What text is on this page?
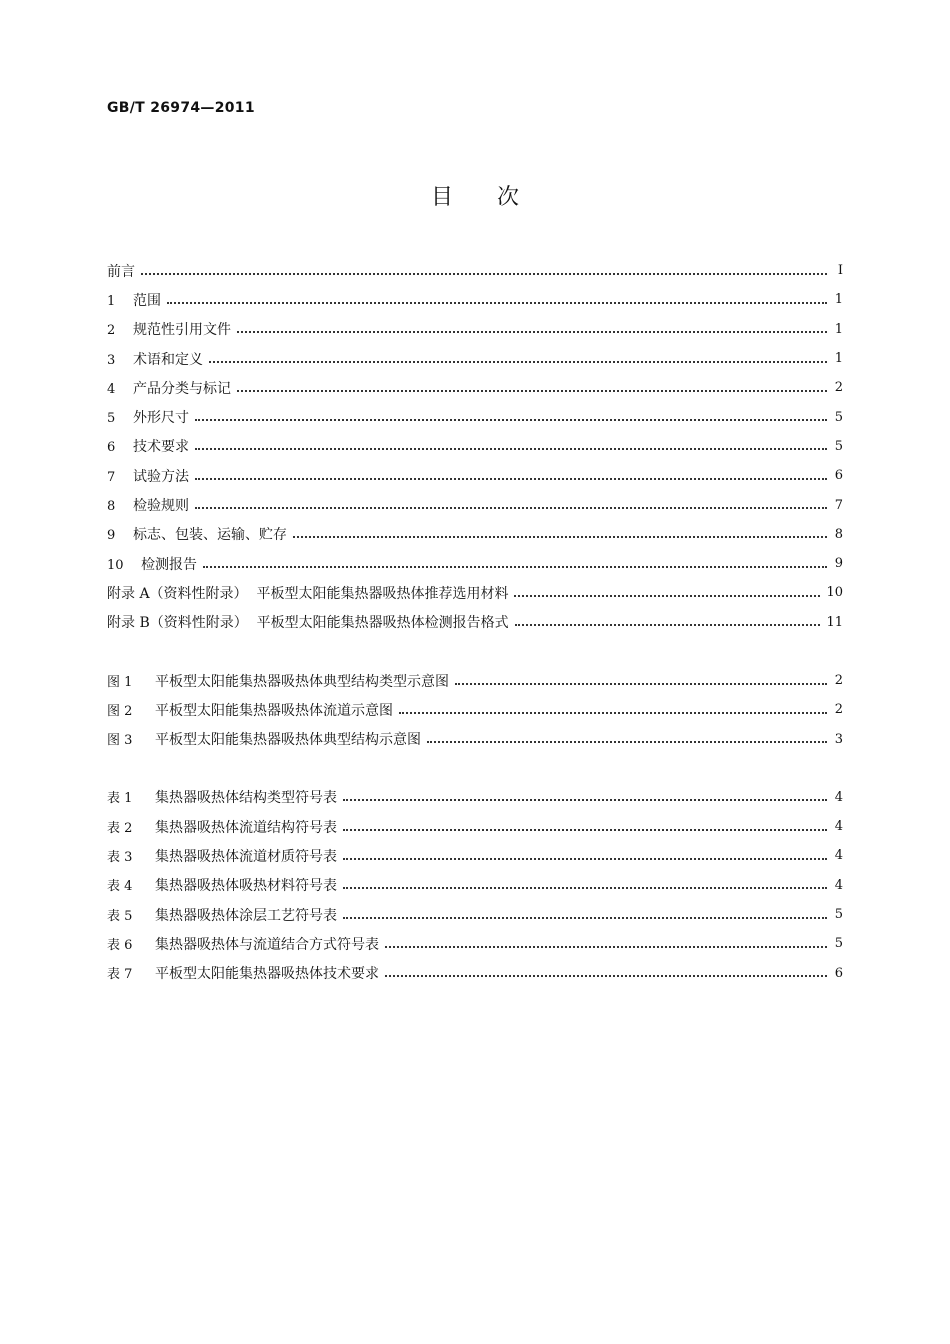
GB/T 26974—2011
目次
前言	Ⅰ
1 范围	1
2 规范性引用文件	1
3 术语和定义	1
4 产品分类与标记	2
5 外形尺寸	5
6 技术要求	5
7 试验方法	6
8 检验规则	7
9 标志、包装、运输、贮存	8
10 检测报告	9
附录 A（资料性附录） 平板型太阳能集热器吸热体推荐选用材料	10
附录 B（资料性附录） 平板型太阳能集热器吸热体检测报告格式	11
图 1 平板型太阳能集热器吸热体典型结构类型示意图	2
图 2 平板型太阳能集热器吸热体流道示意图	2
图 3 平板型太阳能集热器吸热体典型结构示意图	3
表 1 集热器吸热体结构类型符号表	4
表 2 集热器吸热体流道结构符号表	4
表 3 集热器吸热体流道材质符号表	4
表 4 集热器吸热体吸热材料符号表	4
表 5 集热器吸热体涂层工艺符号表	5
表 6 集热器吸热体与流道结合方式符号表	5
表 7 平板型太阳能集热器吸热体技术要求	6
